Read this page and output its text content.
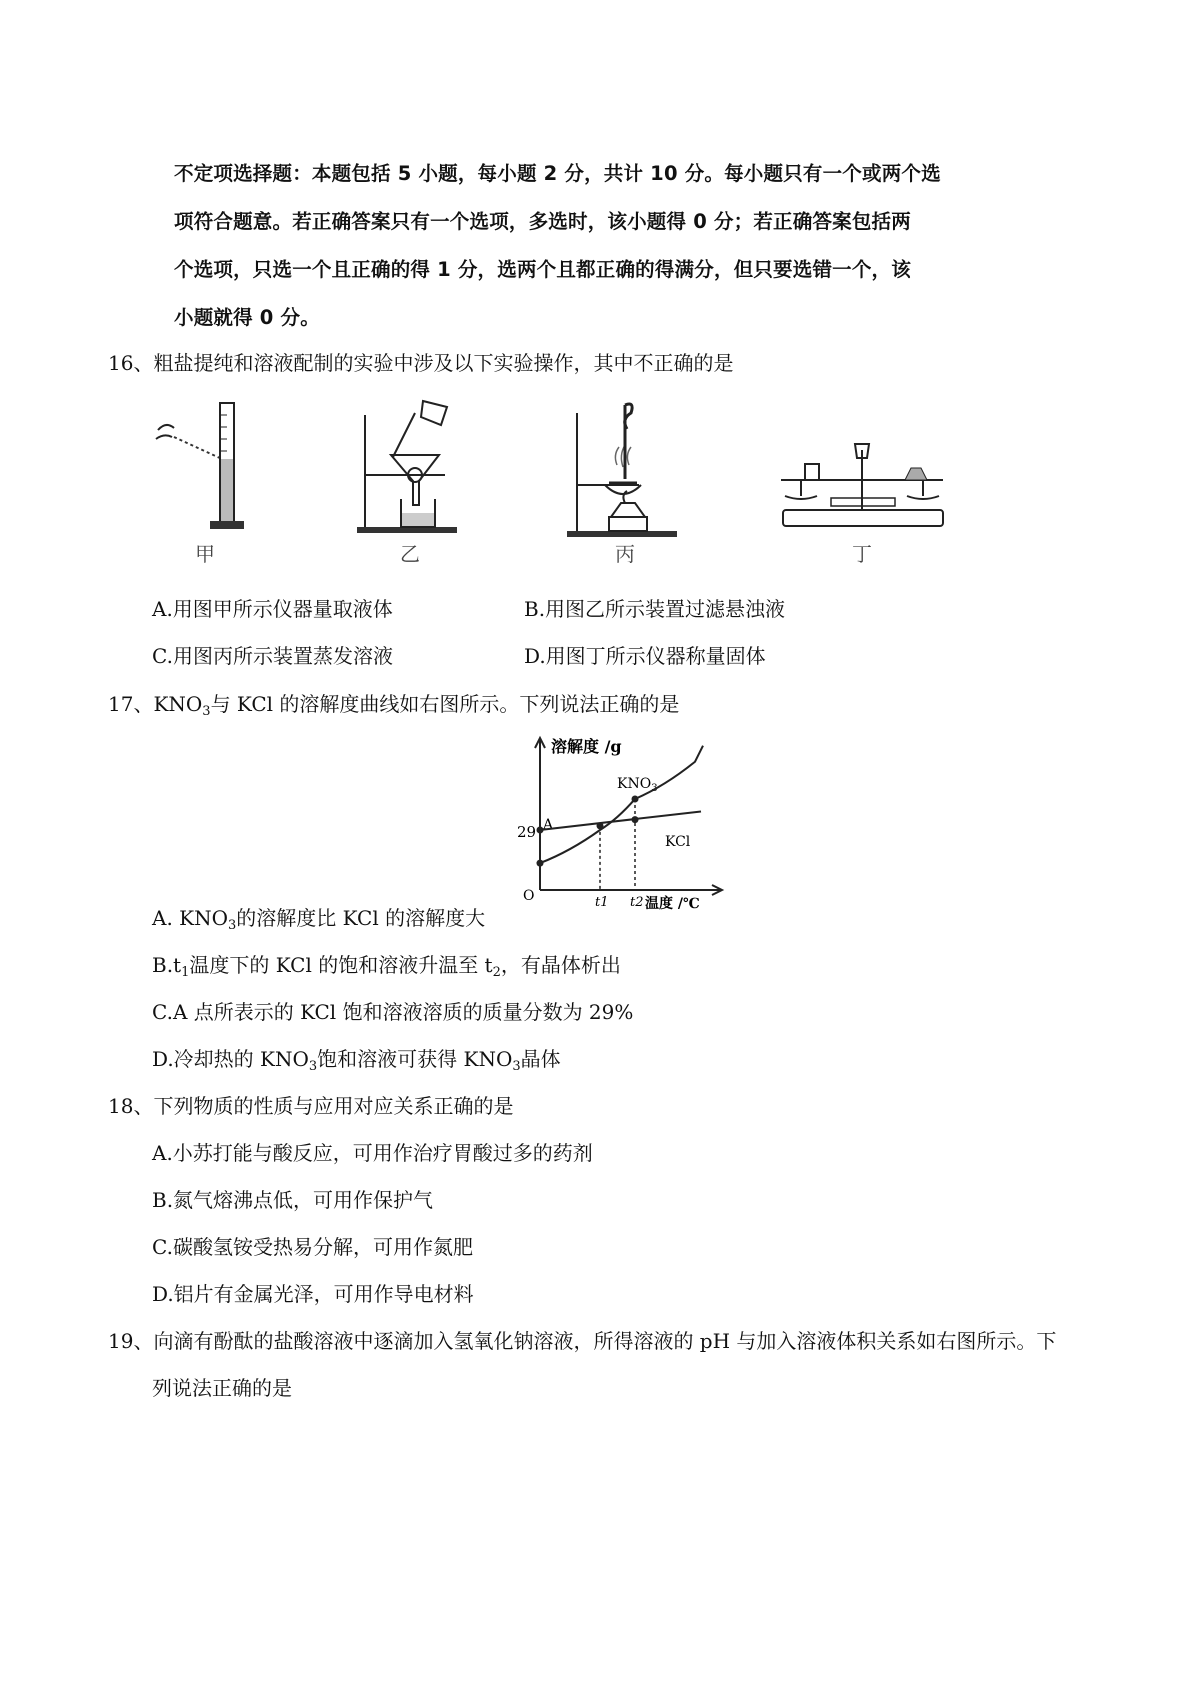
不定项选择题：本题包括 5 小题，每小题 2 分，共计 10 分。每小题只有一个或两个选
项符合题意。若正确答案只有一个选项，多选时，该小题得 0 分；若正确答案包括两
个选项，只选一个且正确的得 1 分，选两个且都正确的得满分，但只要选错一个，该
小题就得 0 分。
16、粗盐提纯和溶液配制的实验中涉及以下实验操作，其中不正确的是
甲	乙	丙	丁
A.用图甲所示仪器量取液体	B.用图乙所示装置过滤悬浊液
C.用图丙所示装置蒸发溶液	D.用图丁所示仪器称量固体
17、$KNO_3$与 KCl 的溶解度曲线如右图所示。下列说法正确的是
溶解度 /g
温度 /℃
O
29 A
$KNO_3$
KCl
t1 t2
A. $KNO_3$的溶解度比 KCl 的溶解度大
$B.t_1$温度下的 KCl 的饱和溶液升温至 $t_2$，有晶体析出
C.A 点所表示的 KCl 饱和溶液溶质的质量分数为 29%
D.冷却热的 $KNO_3$饱和溶液可获得 $KNO_3$晶体
18、下列物质的性质与应用对应关系正确的是
A.小苏打能与酸反应，可用作治疗胃酸过多的药剂
B.氮气熔沸点低，可用作保护气
C.碳酸氢铵受热易分解，可用作氮肥
D.铝片有金属光泽，可用作导电材料
19、向滴有酚酞的盐酸溶液中逐滴加入氢氧化钠溶液，所得溶液的 pH 与加入溶液体积关系如右图所示。下
列说法正确的是
